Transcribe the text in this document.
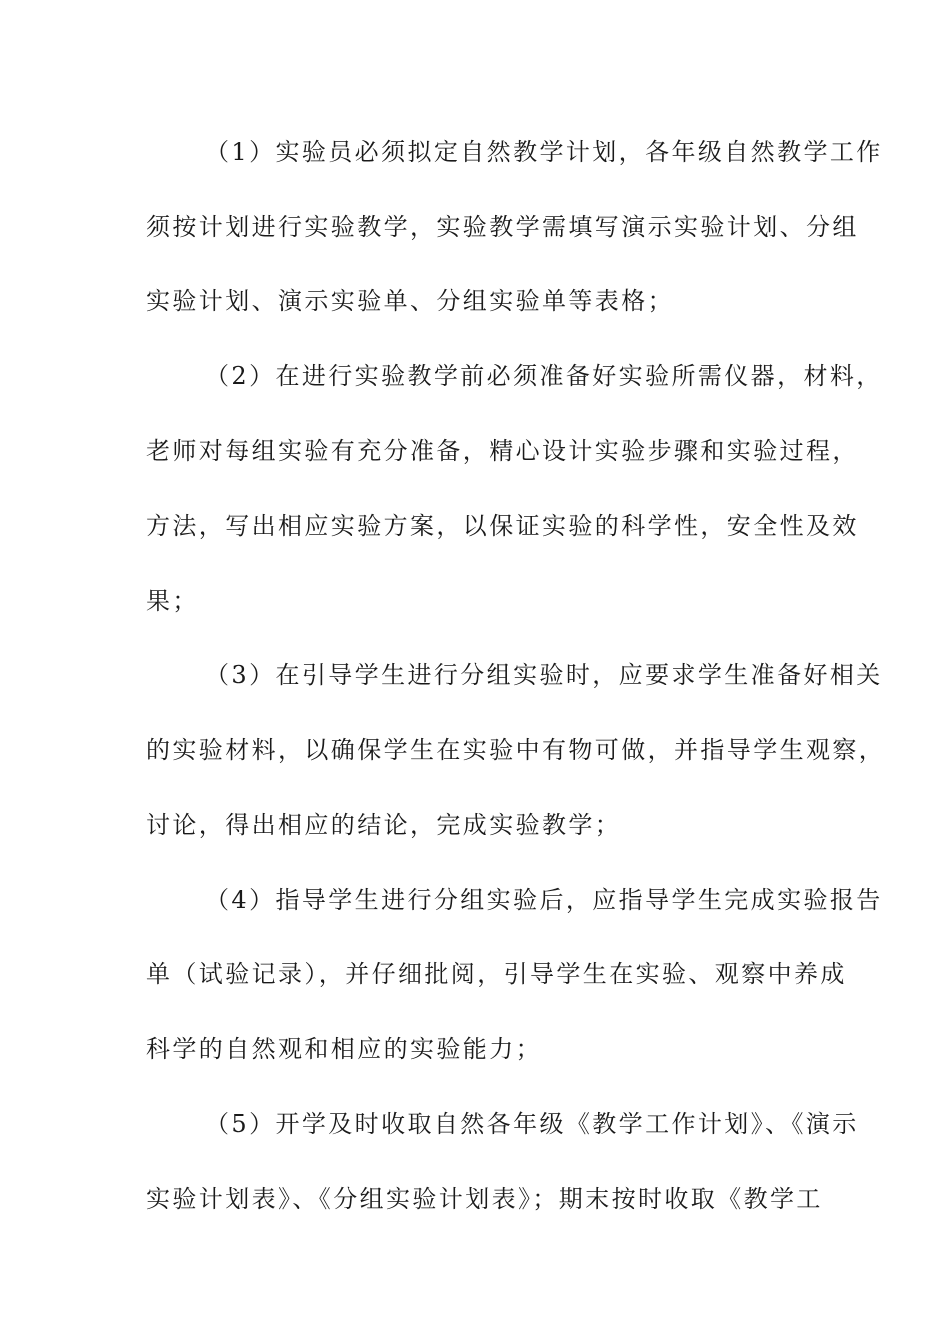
（1）实验员必须拟定自然教学计划，各年级自然教学工作
须按计划进行实验教学，实验教学需填写演示实验计划、分组
实验计划、演示实验单、分组实验单等表格；
（2）在进行实验教学前必须准备好实验所需仪器，材料，
老师对每组实验有充分准备，精心设计实验步骤和实验过程，
方法，写出相应实验方案，以保证实验的科学性，安全性及效
果；
（3）在引导学生进行分组实验时，应要求学生准备好相关
的实验材料，以确保学生在实验中有物可做，并指导学生观察，
讨论，得出相应的结论，完成实验教学；
（4）指导学生进行分组实验后，应指导学生完成实验报告
单（试验记录），并仔细批阅，引导学生在实验、观察中养成
科学的自然观和相应的实验能力；
（5）开学及时收取自然各年级《教学工作计划》、《演示
实验计划表》、《分组实验计划表》；期末按时收取《教学工
